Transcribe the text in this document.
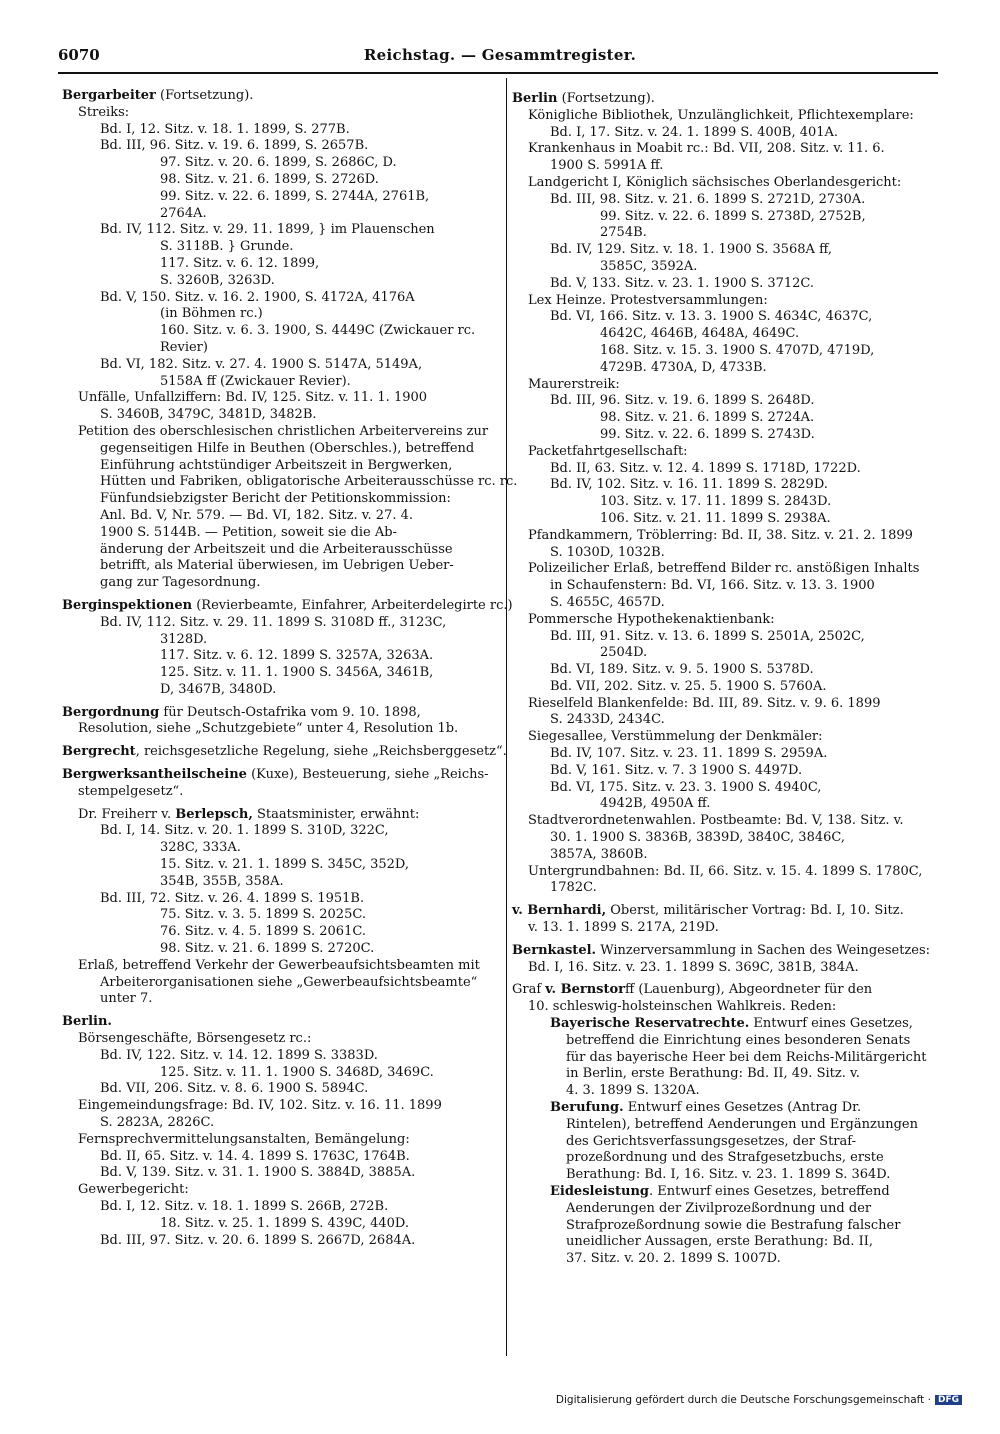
6070	Reichstag. — Gesammtregister.
Bergarbeiter (Fortsetzung).
Streiks:
Bd. I, 12. Sitz. v. 18. 1. 1899, S. 277B.
Bd. III, 96. Sitz. v. 19. 6. 1899, S. 2657B.
97. Sitz. v. 20. 6. 1899, S. 2686C, D.
98. Sitz. v. 21. 6. 1899, S. 2726D.
99. Sitz. v. 22. 6. 1899, S. 2744A, 2761B,
2764A.
Bd. IV, 112. Sitz. v. 29. 11. 1899, } im Plauenschen
S. 3118B. } Grunde.
117. Sitz. v. 6. 12. 1899,
S. 3260B, 3263D.
Bd. V, 150. Sitz. v. 16. 2. 1900, S. 4172A, 4176A
(in Böhmen rc.)
160. Sitz. v. 6. 3. 1900, S. 4449C (Zwickauer rc.
Revier)
Bd. VI, 182. Sitz. v. 27. 4. 1900 S. 5147A, 5149A,
5158A ff (Zwickauer Revier).
Unfälle, Unfallziffern: Bd. IV, 125. Sitz. v. 11. 1. 1900
S. 3460B, 3479C, 3481D, 3482B.
Petition des oberschlesischen christlichen Arbeitervereins zur
gegenseitigen Hilfe in Beuthen (Oberschles.), betreffend
Einführung achtstündiger Arbeitszeit in Bergwerken,
Hütten und Fabriken, obligatorische Arbeiterausschüsse rc. rc.
Fünfundsiebzigster Bericht der Petitionskommission:
Anl. Bd. V, Nr. 579. — Bd. VI, 182. Sitz. v. 27. 4.
1900 S. 5144B. — Petition, soweit sie die Ab-
änderung der Arbeitszeit und die Arbeiterausschüsse
betrifft, als Material überwiesen, im Uebrigen Ueber-
gang zur Tagesordnung.
Berginspektionen (Revierbeamte, Einfahrer, Arbeiterdelegirte rc.)
Bd. IV, 112. Sitz. v. 29. 11. 1899 S. 3108D ff., 3123C,
3128D.
117. Sitz. v. 6. 12. 1899 S. 3257A, 3263A.
125. Sitz. v. 11. 1. 1900 S. 3456A, 3461B,
D, 3467B, 3480D.
Bergordnung für Deutsch-Ostafrika vom 9. 10. 1898,
Resolution, siehe „Schutzgebiete“ unter 4, Resolution 1b.
Bergrecht, reichsgesetzliche Regelung, siehe „Reichsberggesetz“.
Bergwerksantheilscheine (Kuxe), Besteuerung, siehe „Reichs-
stempelgesetz“.
Dr. Freiherr v. Berlepsch, Staatsminister, erwähnt:
Bd. I, 14. Sitz. v. 20. 1. 1899 S. 310D, 322C,
328C, 333A.
15. Sitz. v. 21. 1. 1899 S. 345C, 352D,
354B, 355B, 358A.
Bd. III, 72. Sitz. v. 26. 4. 1899 S. 1951B.
75. Sitz. v. 3. 5. 1899 S. 2025C.
76. Sitz. v. 4. 5. 1899 S. 2061C.
98. Sitz. v. 21. 6. 1899 S. 2720C.
Erlaß, betreffend Verkehr der Gewerbeaufsichtsbeamten mit
Arbeiterorganisationen siehe „Gewerbeaufsichtsbeamte“
unter 7.
Berlin.
Börsengeschäfte, Börsengesetz rc.:
Bd. IV, 122. Sitz. v. 14. 12. 1899 S. 3383D.
125. Sitz. v. 11. 1. 1900 S. 3468D, 3469C.
Bd. VII, 206. Sitz. v. 8. 6. 1900 S. 5894C.
Eingemeindungsfrage: Bd. IV, 102. Sitz. v. 16. 11. 1899
S. 2823A, 2826C.
Fernsprechvermittelungsanstalten, Bemängelung:
Bd. II, 65. Sitz. v. 14. 4. 1899 S. 1763C, 1764B.
Bd. V, 139. Sitz. v. 31. 1. 1900 S. 3884D, 3885A.
Gewerbegericht:
Bd. I, 12. Sitz. v. 18. 1. 1899 S. 266B, 272B.
18. Sitz. v. 25. 1. 1899 S. 439C, 440D.
Bd. III, 97. Sitz. v. 20. 6. 1899 S. 2667D, 2684A.
Berlin (Fortsetzung).
Königliche Bibliothek, Unzulänglichkeit, Pflichtexemplare:
Bd. I, 17. Sitz. v. 24. 1. 1899 S. 400B, 401A.
Krankenhaus in Moabit rc.: Bd. VII, 208. Sitz. v. 11. 6.
1900 S. 5991A ff.
Landgericht I, Königlich sächsisches Oberlandesgericht:
Bd. III, 98. Sitz. v. 21. 6. 1899 S. 2721D, 2730A.
99. Sitz. v. 22. 6. 1899 S. 2738D, 2752B,
2754B.
Bd. IV, 129. Sitz. v. 18. 1. 1900 S. 3568A ff,
3585C, 3592A.
Bd. V, 133. Sitz. v. 23. 1. 1900 S. 3712C.
Lex Heinze. Protestversammlungen:
Bd. VI, 166. Sitz. v. 13. 3. 1900 S. 4634C, 4637C,
4642C, 4646B, 4648A, 4649C.
168. Sitz. v. 15. 3. 1900 S. 4707D, 4719D,
4729B. 4730A, D, 4733B.
Maurerstreik:
Bd. III, 96. Sitz. v. 19. 6. 1899 S. 2648D.
98. Sitz. v. 21. 6. 1899 S. 2724A.
99. Sitz. v. 22. 6. 1899 S. 2743D.
Packetfahrtgesellschaft:
Bd. II, 63. Sitz. v. 12. 4. 1899 S. 1718D, 1722D.
Bd. IV, 102. Sitz. v. 16. 11. 1899 S. 2829D.
103. Sitz. v. 17. 11. 1899 S. 2843D.
106. Sitz. v. 21. 11. 1899 S. 2938A.
Pfandkammern, Tröblerring: Bd. II, 38. Sitz. v. 21. 2. 1899
S. 1030D, 1032B.
Polizeilicher Erlaß, betreffend Bilder rc. anstößigen Inhalts
in Schaufenstern: Bd. VI, 166. Sitz. v. 13. 3. 1900
S. 4655C, 4657D.
Pommersche Hypothekenaktienbank:
Bd. III, 91. Sitz. v. 13. 6. 1899 S. 2501A, 2502C,
2504D.
Bd. VI, 189. Sitz. v. 9. 5. 1900 S. 5378D.
Bd. VII, 202. Sitz. v. 25. 5. 1900 S. 5760A.
Rieselfeld Blankenfelde: Bd. III, 89. Sitz. v. 9. 6. 1899
S. 2433D, 2434C.
Siegesallee, Verstümmelung der Denkmäler:
Bd. IV, 107. Sitz. v. 23. 11. 1899 S. 2959A.
Bd. V, 161. Sitz. v. 7. 3 1900 S. 4497D.
Bd. VI, 175. Sitz. v. 23. 3. 1900 S. 4940C,
4942B, 4950A ff.
Stadtverordnetenwahlen. Postbeamte: Bd. V, 138. Sitz. v.
30. 1. 1900 S. 3836B, 3839D, 3840C, 3846C,
3857A, 3860B.
Untergrundbahnen: Bd. II, 66. Sitz. v. 15. 4. 1899 S. 1780C,
1782C.
v. Bernhardi, Oberst, militärischer Vortrag: Bd. I, 10. Sitz.
v. 13. 1. 1899 S. 217A, 219D.
Bernkastel. Winzerversammlung in Sachen des Weingesetzes:
Bd. I, 16. Sitz. v. 23. 1. 1899 S. 369C, 381B, 384A.
Graf v. Bernstorff (Lauenburg), Abgeordneter für den
10. schleswig-holsteinschen Wahlkreis. Reden:
Bayerische Reservatrechte. Entwurf eines Gesetzes,
betreffend die Einrichtung eines besonderen Senats
für das bayerische Heer bei dem Reichs-Militärgericht
in Berlin, erste Berathung: Bd. II, 49. Sitz. v.
4. 3. 1899 S. 1320A.
Berufung. Entwurf eines Gesetzes (Antrag Dr.
Rintelen), betreffend Aenderungen und Ergänzungen
des Gerichtsverfassungsgesetzes, der Straf-
prozeßordnung und des Strafgesetzbuchs, erste
Berathung: Bd. I, 16. Sitz. v. 23. 1. 1899 S. 364D.
Eidesleistung. Entwurf eines Gesetzes, betreffend
Aenderungen der Zivilprozeßordnung und der
Strafprozeßordnung sowie die Bestrafung falscher
uneidlicher Aussagen, erste Berathung: Bd. II,
37. Sitz. v. 20. 2. 1899 S. 1007D.
Digitalisierung gefördert durch die Deutsche Forschungsgemeinschaft · DFG
